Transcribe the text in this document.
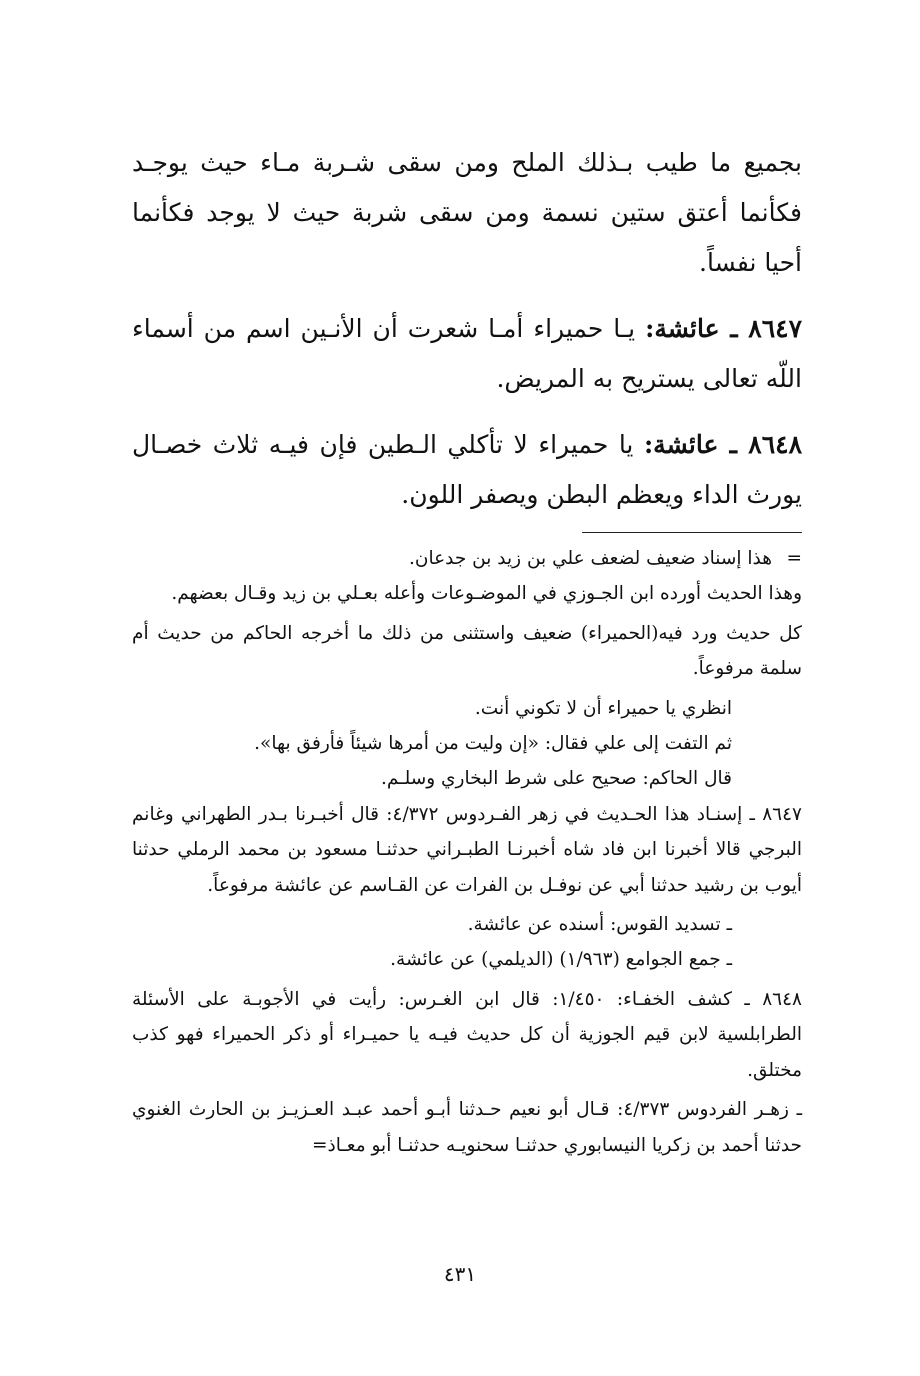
بجميع ما طيب بـذلك الملح ومن سقى شـربة مـاء حيث يوجـد فكأنما أعتق ستين نسمة ومن سقى شربة حيث لا يوجد فكأنما أحيا نفساً.

٨٦٤٧ ـ عائشة: يـا حميراء أمـا شعرت أن الأنـين اسم من أسماء اللّه تعالى يستريح به المريض.

٨٦٤٨ ـ عائشة: يا حميراء لا تأكلي الـطين فإن فيـه ثلاث خصـال يورث الداء ويعظم البطن ويصفر اللون.

=هذا إسناد ضعيف لضعف علي بن زيد بن جدعان.

وهذا الحديث أورده ابن الجـوزي في الموضـوعات وأعله بعـلي بن زيد وقـال بعضهم.

كل حديث ورد فيه(الحميراء) ضعيف واستثنى من ذلك ما أخرجه الحاكم من حديث أم سلمة مرفوعاً.

انظري يا حميراء أن لا تكوني أنت.

ثم التفت إلى علي فقال: «إن وليت من أمرها شيئاً فأرفق بها».

قال الحاكم: صحيح على شرط البخاري وسلـم.

٨٦٤٧ ـ إسنـاد هذا الحـديث في زهر الفـردوس ٤/٣٧٢: قال أخبـرنا بـدر الطهراني وغانم البرجي قالا أخبرنا ابن فاد شاه أخبرنـا الطبـراني حدثنـا مسعود بن محمد الرملي حدثنا أيوب بن رشيد حدثنا أبي عن نوفـل بن الفرات عن القـاسم عن عائشة مرفوعاً.

ـ تسديد القوس: أسنده عن عائشة.

ـ جمع الجوامع (١/٩٦٣) (الديلمي) عن عائشة.

٨٦٤٨ ـ كشف الخفـاء: ١/٤٥٠: قال ابن الغـرس: رأيت في الأجوبـة على الأسئلة الطرابلسية لابن قيم الجوزية أن كل حديث فيـه يا حميـراء أو ذكر الحميراء فهو كذب مختلق.

ـ زهـر الفردوس ٤/٣٧٣: قـال أبو نعيم حـدثنا أبـو أحمد عبـد العـزيـز بن الحارث الغنوي حدثنا أحمد بن زكريا النيسابوري حدثنـا سحنويـه حدثنـا أبو معـاذ=

٤٣١
